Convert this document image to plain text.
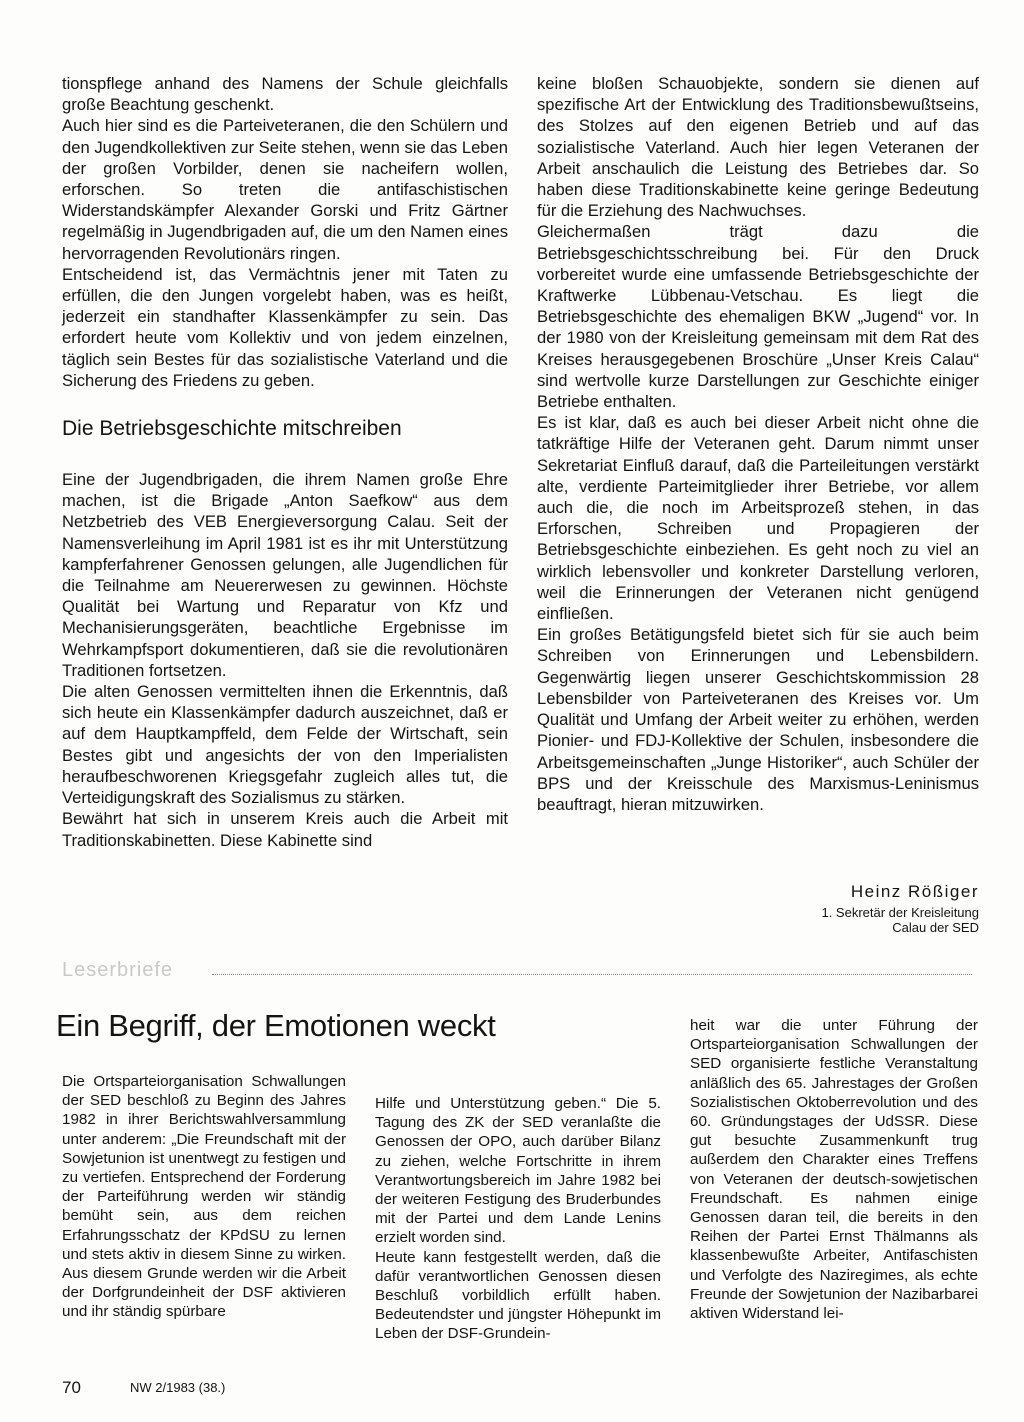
tionspflege anhand des Namens der Schule gleichfalls große Beachtung geschenkt.

Auch hier sind es die Parteiveteranen, die den Schülern und den Jugendkollektiven zur Seite stehen, wenn sie das Leben der großen Vorbilder, denen sie nacheifern wollen, erforschen. So treten die antifaschistischen Widerstandskämpfer Alexander Gorski und Fritz Gärtner regelmäßig in Jugendbrigaden auf, die um den Namen eines hervorragenden Revolutionärs ringen.

Entscheidend ist, das Vermächtnis jener mit Taten zu erfüllen, die den Jungen vorgelebt haben, was es heißt, jederzeit ein standhafter Klassenkämpfer zu sein. Das erfordert heute vom Kollektiv und von jedem einzelnen, täglich sein Bestes für das sozialistische Vaterland und die Sicherung des Friedens zu geben.

Die Betriebsgeschichte mitschreiben

Eine der Jugendbrigaden, die ihrem Namen große Ehre machen, ist die Brigade „Anton Saefkow“ aus dem Netzbetrieb des VEB Energieversorgung Calau. Seit der Namensverleihung im April 1981 ist es ihr mit Unterstützung kampferfahrener Genossen gelungen, alle Jugendlichen für die Teilnahme am Neuererwesen zu gewinnen. Höchste Qualität bei Wartung und Reparatur von Kfz und Mechanisierungsgeräten, beachtliche Ergebnisse im Wehrkampfsport dokumentieren, daß sie die revolutionären Traditionen fortsetzen.

Die alten Genossen vermittelten ihnen die Erkenntnis, daß sich heute ein Klassenkämpfer dadurch auszeichnet, daß er auf dem Hauptkampffeld, dem Felde der Wirtschaft, sein Bestes gibt und angesichts der von den Imperialisten heraufbeschworenen Kriegsgefahr zugleich alles tut, die Verteidigungskraft des Sozialismus zu stärken.

Bewährt hat sich in unserem Kreis auch die Arbeit mit Traditionskabinetten. Diese Kabinette sind

keine bloßen Schauobjekte, sondern sie dienen auf spezifische Art der Entwicklung des Traditionsbewußtseins, des Stolzes auf den eigenen Betrieb und auf das sozialistische Vaterland. Auch hier legen Veteranen der Arbeit anschaulich die Leistung des Betriebes dar. So haben diese Traditionskabinette keine geringe Bedeutung für die Erziehung des Nachwuchses.

Gleichermaßen trägt dazu die Betriebsgeschichtsschreibung bei. Für den Druck vorbereitet wurde eine umfassende Betriebsgeschichte der Kraftwerke Lübbenau-Vetschau. Es liegt die Betriebsgeschichte des ehemaligen BKW „Jugend“ vor. In der 1980 von der Kreisleitung gemeinsam mit dem Rat des Kreises herausgegebenen Broschüre „Unser Kreis Calau“ sind wertvolle kurze Darstellungen zur Geschichte einiger Betriebe enthalten.

Es ist klar, daß es auch bei dieser Arbeit nicht ohne die tatkräftige Hilfe der Veteranen geht. Darum nimmt unser Sekretariat Einfluß darauf, daß die Parteileitungen verstärkt alte, verdiente Parteimitglieder ihrer Betriebe, vor allem auch die, die noch im Arbeitsprozeß stehen, in das Erforschen, Schreiben und Propagieren der Betriebsgeschichte einbeziehen. Es geht noch zu viel an wirklich lebensvoller und konkreter Darstellung verloren, weil die Erinnerungen der Veteranen nicht genügend einfließen.

Ein großes Betätigungsfeld bietet sich für sie auch beim Schreiben von Erinnerungen und Lebensbildern. Gegenwärtig liegen unserer Geschichtskommission 28 Lebensbilder von Parteiveteranen des Kreises vor. Um Qualität und Umfang der Arbeit weiter zu erhöhen, werden Pionier- und FDJ-Kollektive der Schulen, insbesondere die Arbeitsgemeinschaften „Junge Historiker“, auch Schüler der BPS und der Kreisschule des Marxismus-Leninismus beauftragt, hieran mitzuwirken.

Heinz Rößiger
1. Sekretär der Kreisleitung
Calau der SED
Leserbriefe
Ein Begriff, der Emotionen weckt

Die Ortsparteiorganisation Schwallungen der SED beschloß zu Beginn des Jahres 1982 in ihrer Berichtswahlversammlung unter anderem: „Die Freundschaft mit der Sowjetunion ist unentwegt zu festigen und zu vertiefen. Entsprechend der Forderung der Parteiführung werden wir ständig bemüht sein, aus dem reichen Erfahrungsschatz der KPdSU zu lernen und stets aktiv in diesem Sinne zu wirken. Aus diesem Grunde werden wir die Arbeit der Dorfgrundeinheit der DSF aktivieren und ihr ständig spürbare

Hilfe und Unterstützung geben.“ Die 5. Tagung des ZK der SED veranlaßte die Genossen der OPO, auch darüber Bilanz zu ziehen, welche Fortschritte in ihrem Verantwortungsbereich im Jahre 1982 bei der weiteren Festigung des Bruderbundes mit der Partei und dem Lande Lenins erzielt worden sind.

Heute kann festgestellt werden, daß die dafür verantwortlichen Genossen diesen Beschluß vorbildlich erfüllt haben. Bedeutendster und jüngster Höhepunkt im Leben der DSF-Grundein-

heit war die unter Führung der Ortsparteiorganisation Schwallungen der SED organisierte festliche Veranstaltung anläßlich des 65. Jahrestages der Großen Sozialistischen Oktoberrevolution und des 60. Gründungstages der UdSSR. Diese gut besuchte Zusammenkunft trug außerdem den Charakter eines Treffens von Veteranen der deutsch-sowjetischen Freundschaft. Es nahmen einige Genossen daran teil, die bereits in den Reihen der Partei Ernst Thälmanns als klassenbewußte Arbeiter, Antifaschisten und Verfolgte des Naziregimes, als echte Freunde der Sowjetunion der Nazibarbarei aktiven Widerstand lei-

70	NW 2/1983 (38.)
